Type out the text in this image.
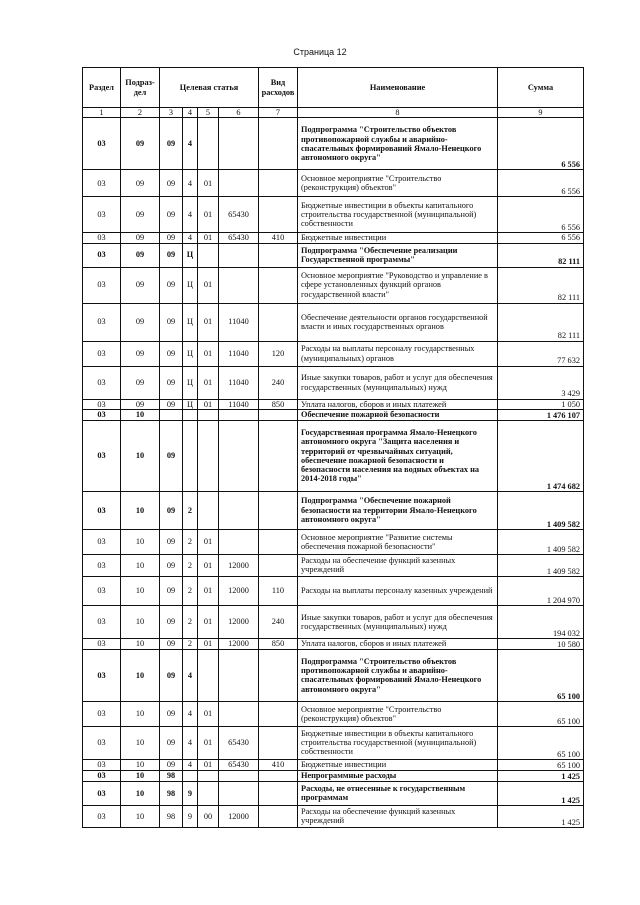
Страница 12
Раздел	Подраз-дел	Целевая статья				Вид расходов	Наименование	Сумма
1	2	3	4	5	6	7	8	9
03	09	09	4				Подпрограмма "Строительство объектов противопожарной службы и аварийно-спасательных формирований Ямало-Ненецкого автономного округа"	6 556
03	09	09	4	01			Основное мероприятие "Строительство (реконструкция) объектов"	6 556
03	09	09	4	01	65430		Бюджетные инвестиции в объекты капитального строительства государственной (муниципальной) собственности	6 556
03	09	09	4	01	65430	410	Бюджетные инвестиции	6 556
03	09	09	Ц				Подпрограмма "Обеспечение реализации Государственной программы"	82 111
03	09	09	Ц	01			Основное мероприятие "Руководство и управление в сфере установленных функций органов государственной власти"	82 111
03	09	09	Ц	01	11040		Обеспечение деятельности органов государственной власти и иных государственных органов	82 111
03	09	09	Ц	01	11040	120	Расходы на выплаты персоналу государственных (муниципальных) органов	77 632
03	09	09	Ц	01	11040	240	Иные закупки товаров, работ и услуг для обеспечения государственных (муниципальных) нужд	3 429
03	09	09	Ц	01	11040	850	Уплата налогов, сборов и иных платежей	1 050
03	10						Обеспечение пожарной безопасности	1 476 107
03	10	09					Государственная программа Ямало-Ненецкого автономного округа "Защита населения и территорий от чрезвычайных ситуаций, обеспечение пожарной безопасности и безопасности населения на водных объектах на 2014-2018 годы"	1 474 682
03	10	09	2				Подпрограмма "Обеспечение пожарной безопасности на территории Ямало-Ненецкого автономного округа"	1 409 582
03	10	09	2	01			Основное мероприятие "Развитие системы обеспечения пожарной безопасности"	1 409 582
03	10	09	2	01	12000		Расходы на обеспечение функций казенных учреждений	1 409 582
03	10	09	2	01	12000	110	Расходы на выплаты персоналу казенных учреждений	1 204 970
03	10	09	2	01	12000	240	Иные закупки товаров, работ и услуг для обеспечения государственных (муниципальных) нужд	194 032
03	10	09	2	01	12000	850	Уплата налогов, сборов и иных платежей	10 580
03	10	09	4				Подпрограмма "Строительство объектов противопожарной службы и аварийно-спасательных формирований Ямало-Ненецкого автономного округа"	65 100
03	10	09	4	01			Основное мероприятие "Строительство (реконструкция) объектов"	65 100
03	10	09	4	01	65430		Бюджетные инвестиции в объекты капитального строительства государственной (муниципальной) собственности	65 100
03	10	09	4	01	65430	410	Бюджетные инвестиции	65 100
03	10	98					Непрограммные расходы	1 425
03	10	98	9				Расходы, не отнесенные к государственным программам	1 425
03	10	98	9	00	12000		Расходы на обеспечение функций казенных учреждений	1 425
